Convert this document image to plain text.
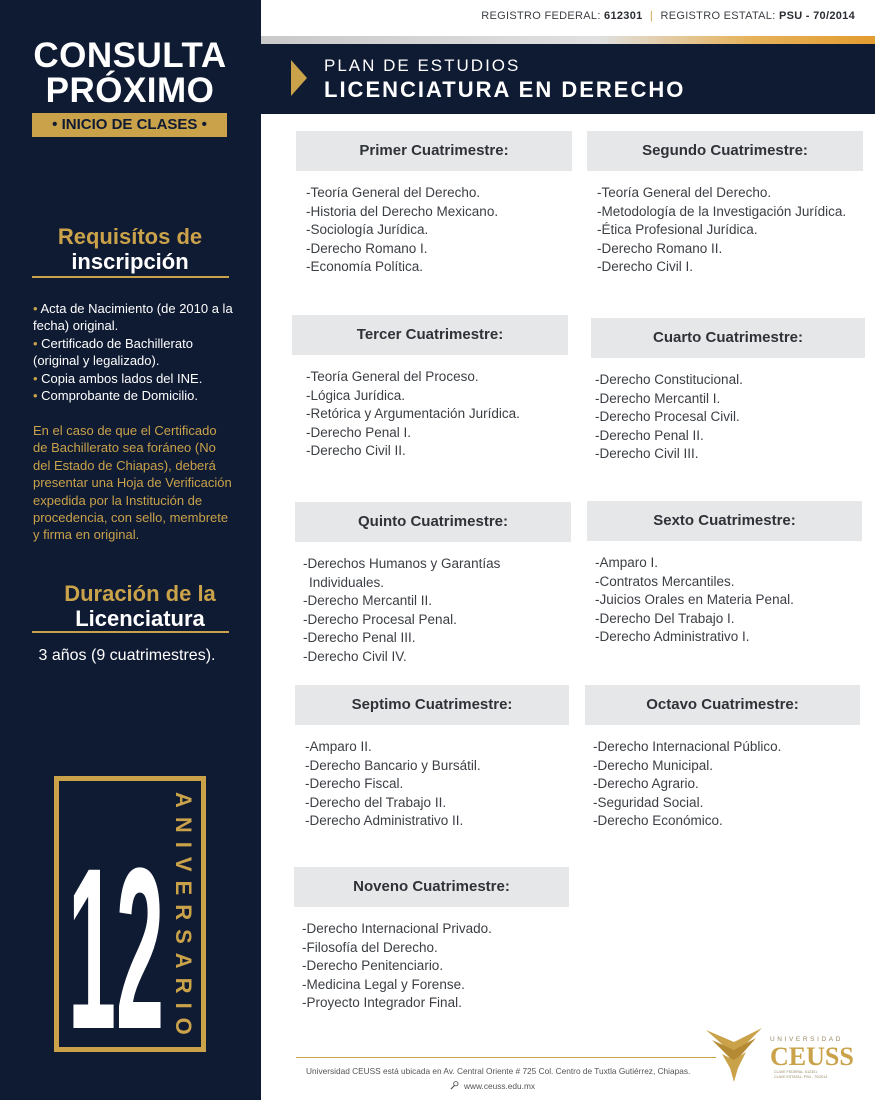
CONSULTA
PRÓXIMO
• INICIO DE CLASES •
Requisítos de
inscripción
• Acta de Nacimiento (de 2010 a la fecha) original.
• Certificado de Bachillerato (original y legalizado).
• Copia ambos lados del INE.
• Comprobante de Domicilio.

En el caso de que el Certificado de Bachillerato sea foráneo (No del Estado de Chiapas), deberá presentar una Hoja de Verificación expedida por la Institución de procedencia, con sello, membrete y firma en original.

Duración de la
Licenciatura
3 años (9 cuatrimestres).
12 ANIVERSARIO
REGISTRO FEDERAL: 612301 | REGISTRO ESTATAL: PSU - 70/2014
PLAN DE ESTUDIOS
LICENCIATURA EN DERECHO
Primer Cuatrimestre:
-Teoría General del Derecho.
-Historia del Derecho Mexicano.
-Sociología Jurídica.
-Derecho Romano I.
-Economía Política.
Segundo Cuatrimestre:
-Teoría General del Derecho.
-Metodología de la Investigación Jurídica.
-Ética Profesional Jurídica.
-Derecho Romano II.
-Derecho Civil I.
Tercer Cuatrimestre:
-Teoría General del Proceso.
-Lógica Jurídica.
-Retórica y Argumentación Jurídica.
-Derecho Penal I.
-Derecho Civil II.
Cuarto Cuatrimestre:
-Derecho Constitucional.
-Derecho Mercantil I.
-Derecho Procesal Civil.
-Derecho Penal II.
-Derecho Civil III.
Quinto Cuatrimestre:
-Derechos Humanos y Garantías Individuales.
-Derecho Mercantil II.
-Derecho Procesal Penal.
-Derecho Penal III.
-Derecho Civil IV.
Sexto Cuatrimestre:
-Amparo I.
-Contratos Mercantiles.
-Juicios Orales en Materia Penal.
-Derecho Del Trabajo I.
-Derecho Administrativo I.
Septimo Cuatrimestre:
-Amparo II.
-Derecho Bancario y Bursátil.
-Derecho Fiscal.
-Derecho del Trabajo II.
-Derecho Administrativo II.
Octavo Cuatrimestre:
-Derecho Internacional Público.
-Derecho Municipal.
-Derecho Agrario.
-Seguridad Social.
-Derecho Económico.
Noveno Cuatrimestre:
-Derecho Internacional Privado.
-Filosofía del Derecho.
-Derecho Penitenciario.
-Medicina Legal y Forense.
-Proyecto Integrador Final.
Universidad CEUSS está ubicada en Av. Central Oriente # 725 Col. Centro de Tuxtla Gutiérrez, Chiapas.
www.ceuss.edu.mx
UNIVERSIDAD
CEUSS
CLAVE FEDERAL: 612301
CLAVE ESTATAL: PSU - 70/2014
